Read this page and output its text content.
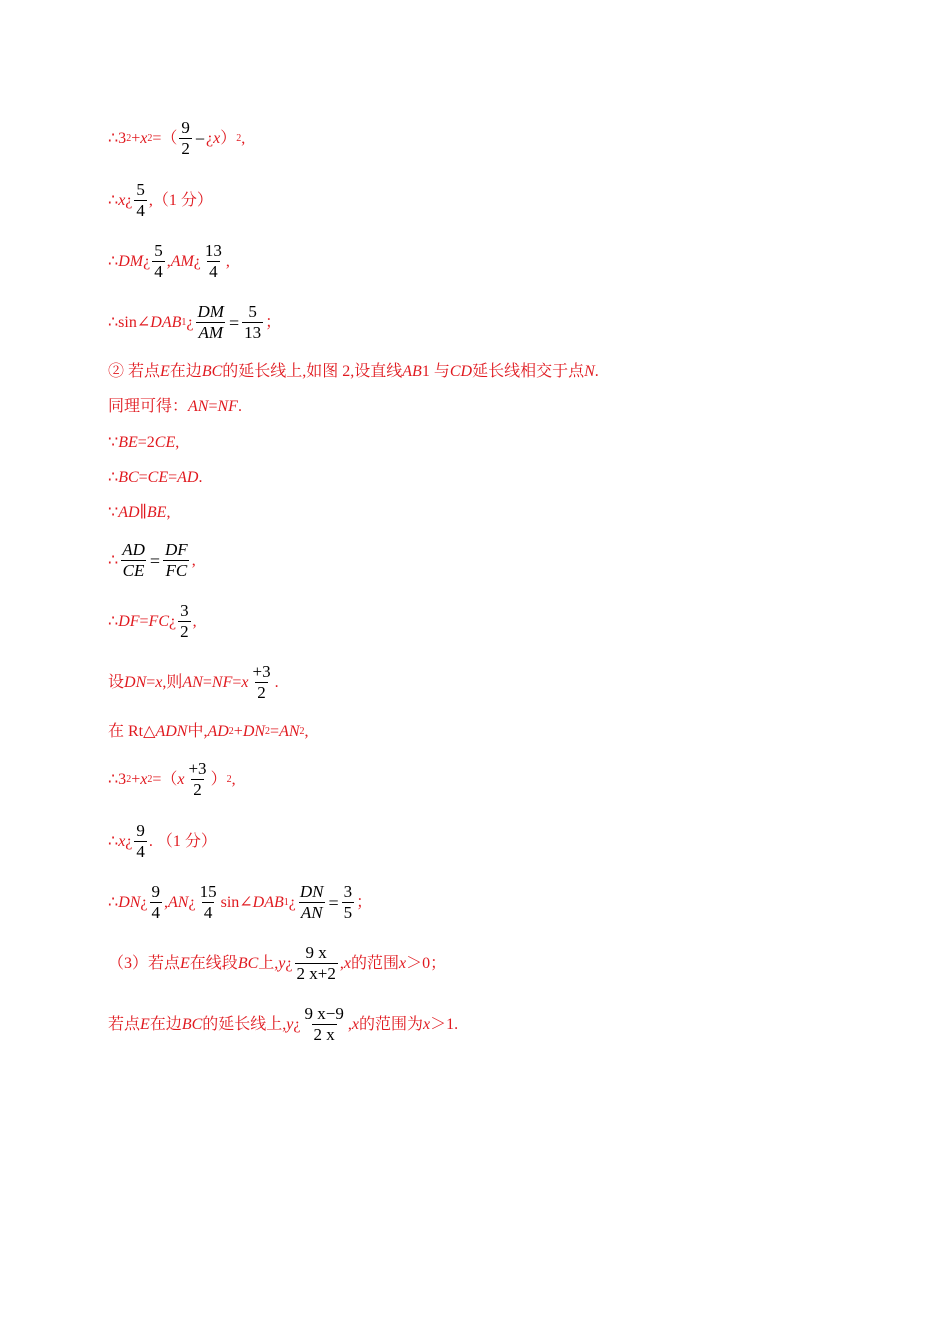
∴3 2 + x 2 =（ $\frac{9}{2}$ − ¿ x ） 2 ,
∴ x ¿ $\frac{5}{4} ,(1$ 分）
∴ DM ¿ $\frac{5}{4}$ , AM ¿ $\frac{13}{4}$ ,
∴sin∠ DAB 1 ¿ $\frac{DM}{AM} = \frac{5}{13}$ ；
② 若点 E 在边 BC 的延长线上,如图 2,设直线 AB 1 与 CD 延长线相交于点 N .
同理可得： AN = NF .
∵ BE =2 CE ,
∴ BC = CE = AD .
∵ AD ∥ BE ,
∴ $\frac{AD}{CE} = \frac{DF}{FC}$ ,
∴ DF = FC ¿ $\frac{3}{2}$ ,
设 DN = x ,则 AN = NF = x $\frac{+3}{2}$ .
在 Rt△ ADN 中, AD 2 + DN 2 = AN 2 ,
∴3 2 + x 2 =（ x $\frac{+3}{2}$ ） 2 ,
∴ x ¿ $\frac{9}{4}$ . （1 分）
∴ DN ¿ $\frac{9}{4}$ , AN ¿ $\frac{15}{4}$ sin∠ DAB 1 ¿ $\frac{DN}{AN} = \frac{3}{5}$ ；
（3）若点 E 在线段 BC 上, y ¿ $\frac{9 x}{2 x+2}$ , x 的范围 x ＞0；
若点 E 在边 BC 的延长线上, y ¿ $\frac{9 x-9}{2 x}$ , x 的范围为 x ＞1.
